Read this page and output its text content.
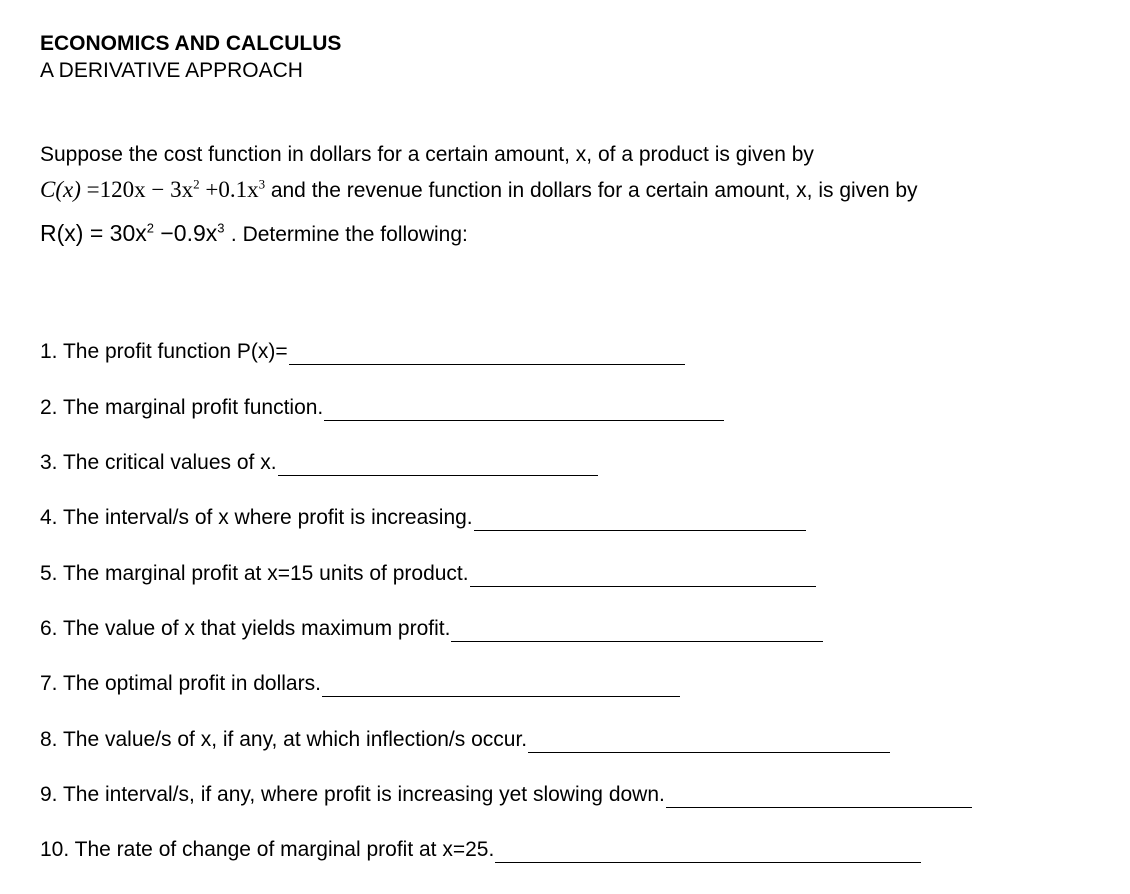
ECONOMICS AND CALCULUS
A DERIVATIVE APPROACH
Suppose the cost function in dollars for a certain amount, x, of a product is given by
$C(x) =120x - 3x^2 +0.1x^3$ and the revenue function in dollars for a certain amount, x, is given by
$R(x) = 30x^2 -0.9x^3$ . Determine the following:
1. The profit function P(x)=
2. The marginal profit function.
3. The critical values of x.
4. The interval/s of x where profit is increasing.
5. The marginal profit at x=15 units of product.
6. The value of x that yields maximum profit.
7. The optimal profit in dollars.
8. The value/s of x, if any, at which inflection/s occur.
9. The interval/s, if any, where profit is increasing yet slowing down.
10. The rate of change of marginal profit at x=25.
